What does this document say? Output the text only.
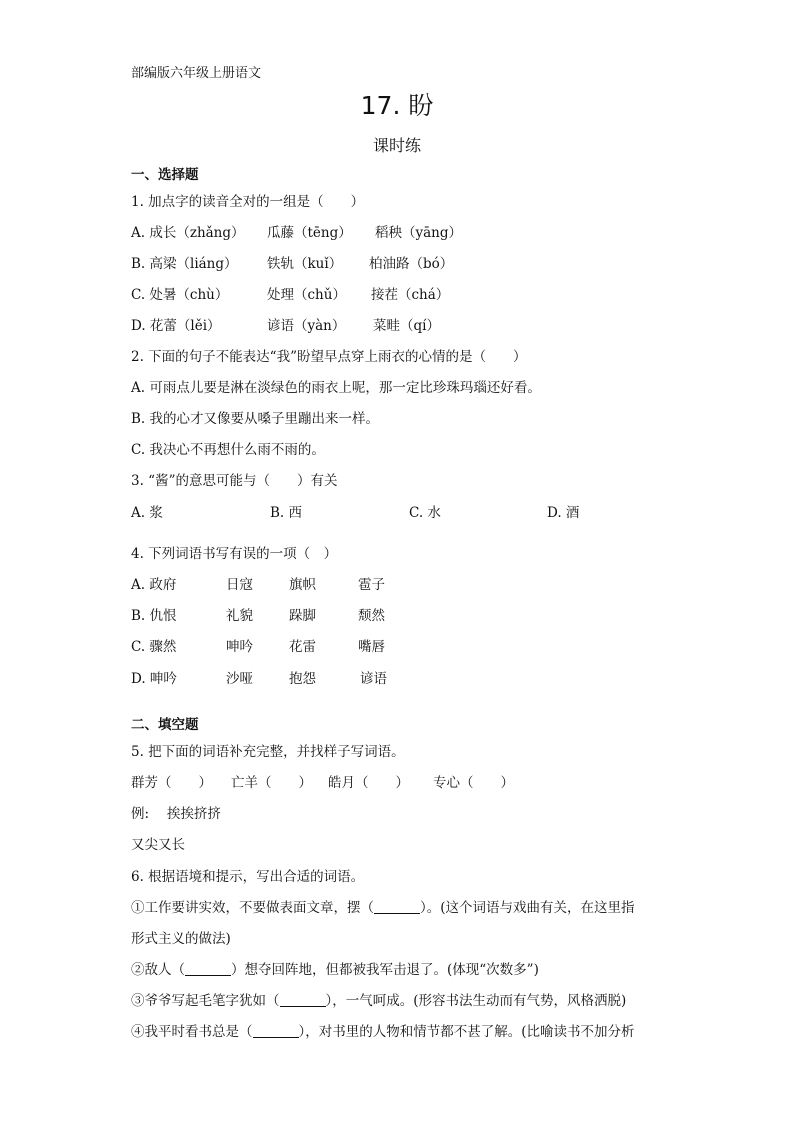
部编版六年级上册语文
17. 盼
课时练
一、选择题
1. 加点字的读音全对的一组是（　　）
A. 成长（zhǎng） 瓜藤（tēng） 稻秧（yāng）
B. 高梁（liáng） 铁轨（kuǐ） 柏油路（bó）
C. 处暑（chù）	处理（chǔ） 接茬（chá）
D. 花蕾（lěi）	谚语（yàn） 菜畦（qí）
2. 下面的句子不能表达“我”盼望早点穿上雨衣的心情的是（　　）
A. 可雨点儿要是淋在淡绿色的雨衣上呢，那一定比珍珠玛瑙还好看。
B. 我的心才又像要从嗓子里蹦出来一样。
C. 我决心不再想什么雨不雨的。
3. “酱”的意思可能与（　　）有关
A. 浆	B. 西	C. 水	D. 酒
4. 下列词语书写有误的一项（　）
A. 政府	日寇	旗帜	雹子
B. 仇恨	礼貌	跺脚	颓然
C. 骤然	呻吟	花雷	嘴唇
D. 呻吟	沙哑	抱怨	谚语
二、填空题
5. 把下面的词语补充完整，并找样子写词语。
群芳（　　） 亡羊（　　） 皓月（　　） 专心（　　）
例:　 挨挨挤挤
又尖又长
6. 根据语境和提示，写出合适的词语。
①工作要讲实效，不要做表面文章，摆（	）。(这个词语与戏曲有关，在这里指
形式主义的做法)
②敌人（	）想夺回阵地，但都被我军击退了。(体现“次数多”)
③爷爷写起毛笔字犹如（	），一气呵成。(形容书法生动而有气势，风格洒脱)
④我平时看书总是（	），对书里的人物和情节都不甚了解。(比喻读书不加分析
